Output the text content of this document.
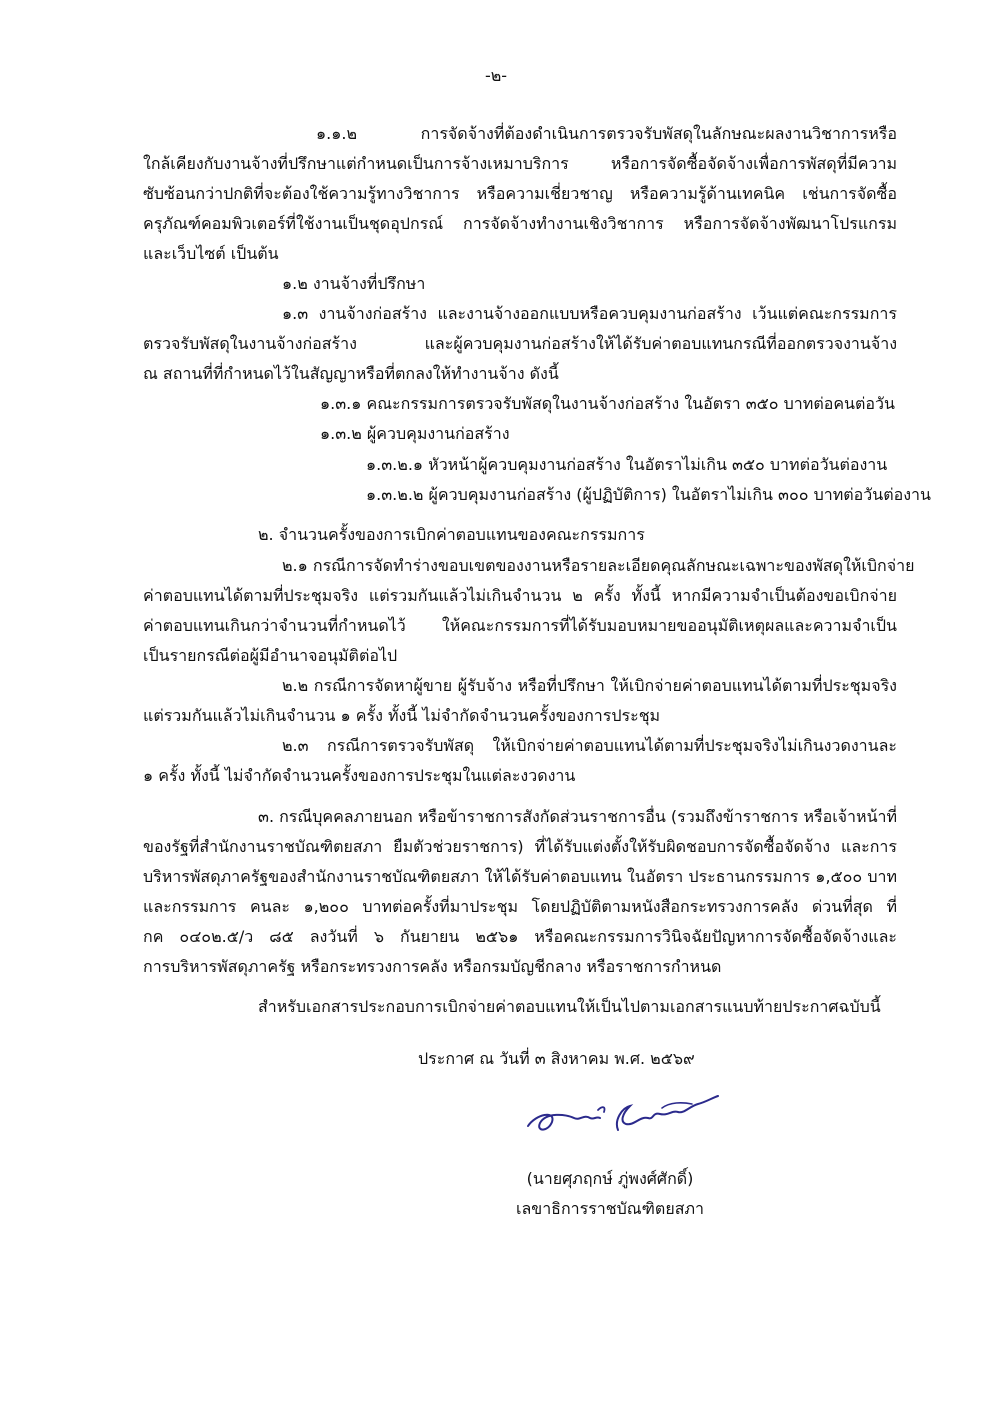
-๒-
๑.๑.๒ การจัดจ้างที่ต้องดำเนินการตรวจรับพัสดุในลักษณะผลงานวิชาการหรือ
ใกล้เคียงกับงานจ้างที่ปรึกษาแต่กำหนดเป็นการจ้างเหมาบริการ หรือการจัดซื้อจัดจ้างเพื่อการพัสดุที่มีความ
ซับซ้อนกว่าปกติที่จะต้องใช้ความรู้ทางวิชาการ หรือความเชี่ยวชาญ หรือความรู้ด้านเทคนิค เช่นการจัดซื้อ
ครุภัณฑ์คอมพิวเตอร์ที่ใช้งานเป็นชุดอุปกรณ์ การจัดจ้างทำงานเชิงวิชาการ หรือการจัดจ้างพัฒนาโปรแกรม
และเว็บไซต์ เป็นต้น
๑.๒ งานจ้างที่ปรึกษา
๑.๓ งานจ้างก่อสร้าง และงานจ้างออกแบบหรือควบคุมงานก่อสร้าง เว้นแต่คณะกรรมการ
ตรวจรับพัสดุในงานจ้างก่อสร้าง และผู้ควบคุมงานก่อสร้างให้ได้รับค่าตอบแทนกรณีที่ออกตรวจงานจ้าง
ณ สถานที่ที่กำหนดไว้ในสัญญาหรือที่ตกลงให้ทำงานจ้าง ดังนี้
๑.๓.๑ คณะกรรมการตรวจรับพัสดุในงานจ้างก่อสร้าง ในอัตรา ๓๕๐ บาทต่อคนต่อวัน
๑.๓.๒ ผู้ควบคุมงานก่อสร้าง
๑.๓.๒.๑ หัวหน้าผู้ควบคุมงานก่อสร้าง ในอัตราไม่เกิน ๓๕๐ บาทต่อวันต่องาน
๑.๓.๒.๒ ผู้ควบคุมงานก่อสร้าง (ผู้ปฏิบัติการ) ในอัตราไม่เกิน ๓๐๐ บาทต่อวันต่องาน
๒. จำนวนครั้งของการเบิกค่าตอบแทนของคณะกรรมการ
๒.๑ กรณีการจัดทำร่างขอบเขตของงานหรือรายละเอียดคุณลักษณะเฉพาะของพัสดุให้เบิกจ่าย
ค่าตอบแทนได้ตามที่ประชุมจริง แต่รวมกันแล้วไม่เกินจำนวน ๒ ครั้ง ทั้งนี้ หากมีความจำเป็นต้องขอเบิกจ่าย
ค่าตอบแทนเกินกว่าจำนวนที่กำหนดไว้ ให้คณะกรรมการที่ได้รับมอบหมายขออนุมัติเหตุผลและความจำเป็น
เป็นรายกรณีต่อผู้มีอำนาจอนุมัติต่อไป
๒.๒ กรณีการจัดหาผู้ขาย ผู้รับจ้าง หรือที่ปรึกษา ให้เบิกจ่ายค่าตอบแทนได้ตามที่ประชุมจริง
แต่รวมกันแล้วไม่เกินจำนวน ๑ ครั้ง ทั้งนี้ ไม่จำกัดจำนวนครั้งของการประชุม
๒.๓ กรณีการตรวจรับพัสดุ ให้เบิกจ่ายค่าตอบแทนได้ตามที่ประชุมจริงไม่เกินงวดงานละ
๑ ครั้ง ทั้งนี้ ไม่จำกัดจำนวนครั้งของการประชุมในแต่ละงวดงาน
๓. กรณีบุคคลภายนอก หรือข้าราชการสังกัดส่วนราชการอื่น (รวมถึงข้าราชการ หรือเจ้าหน้าที่
ของรัฐที่สำนักงานราชบัณฑิตยสภา ยืมตัวช่วยราชการ) ที่ได้รับแต่งตั้งให้รับผิดชอบการจัดซื้อจัดจ้าง และการ
บริหารพัสดุภาครัฐของสำนักงานราชบัณฑิตยสภา ให้ได้รับค่าตอบแทน ในอัตรา ประธานกรรมการ ๑,๕๐๐ บาท
และกรรมการ คนละ ๑,๒๐๐ บาทต่อครั้งที่มาประชุม โดยปฏิบัติตามหนังสือกระทรวงการคลัง ด่วนที่สุด ที่
กค ๐๔๐๒.๕/ว ๘๕ ลงวันที่ ๖ กันยายน ๒๕๖๑ หรือคณะกรรมการวินิจฉัยปัญหาการจัดซื้อจัดจ้างและ
การบริหารพัสดุภาครัฐ หรือกระทรวงการคลัง หรือกรมบัญชีกลาง หรือราชการกำหนด
สำหรับเอกสารประกอบการเบิกจ่ายค่าตอบแทนให้เป็นไปตามเอกสารแนบท้ายประกาศฉบับนี้
ประกาศ ณ วันที่ ๓ สิงหาคม พ.ศ. ๒๕๖๙
(นายศุภฤกษ์ ภู่พงศ์ศักดิ์)
เลขาธิการราชบัณฑิตยสภา
